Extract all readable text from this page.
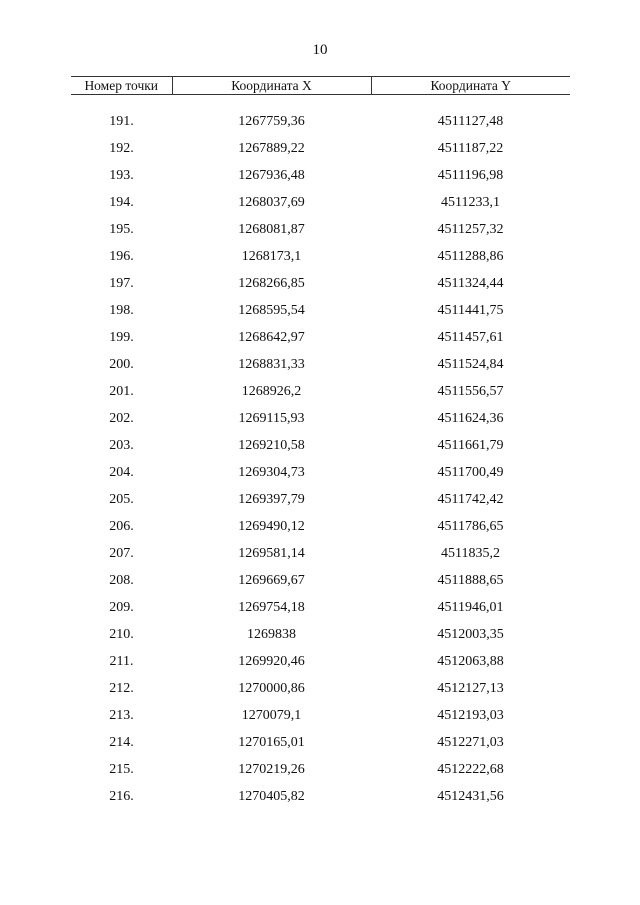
10
Номер точки	Координата X	Координата Y

191.	1267759,36	4511127,48
192.	1267889,22	4511187,22
193.	1267936,48	4511196,98
194.	1268037,69	4511233,1
195.	1268081,87	4511257,32
196.	1268173,1	4511288,86
197.	1268266,85	4511324,44
198.	1268595,54	4511441,75
199.	1268642,97	4511457,61
200.	1268831,33	4511524,84
201.	1268926,2	4511556,57
202.	1269115,93	4511624,36
203.	1269210,58	4511661,79
204.	1269304,73	4511700,49
205.	1269397,79	4511742,42
206.	1269490,12	4511786,65
207.	1269581,14	4511835,2
208.	1269669,67	4511888,65
209.	1269754,18	4511946,01
210.	1269838	4512003,35
211.	1269920,46	4512063,88
212.	1270000,86	4512127,13
213.	1270079,1	4512193,03
214.	1270165,01	4512271,03
215.	1270219,26	4512222,68
216.	1270405,82	4512431,56
